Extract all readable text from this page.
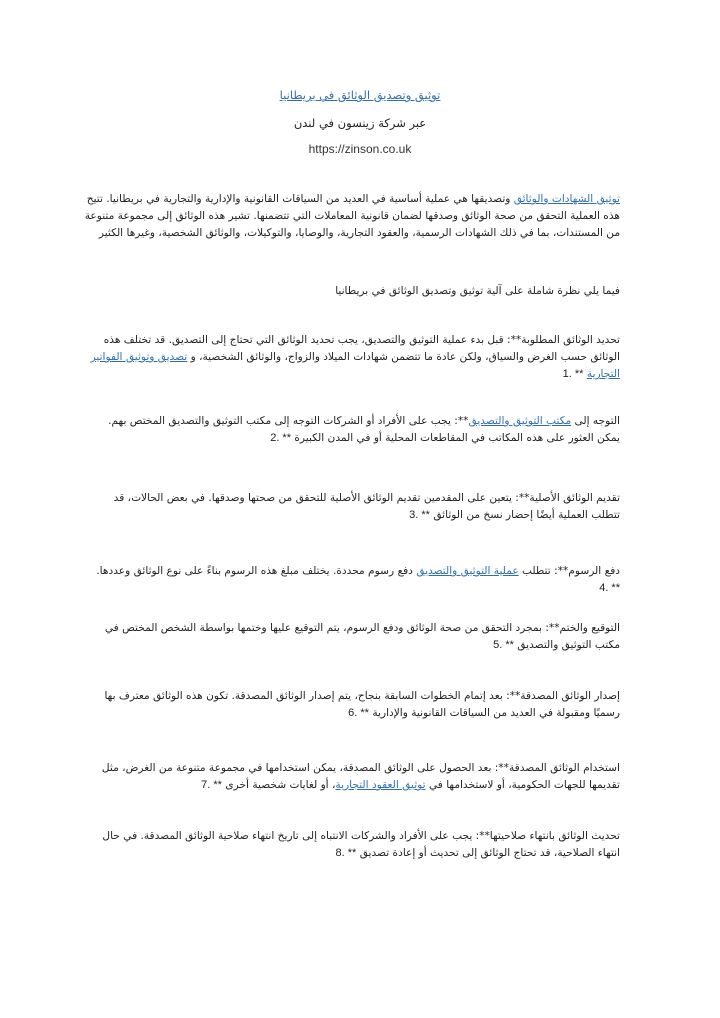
توثيق وتصديق الوثائق في بريطانيا
عبر شركة زينسون في لندن
https://zinson.co.uk
توثيق الشهادات والوثائق وتصديقها هي عملية أساسية في العديد من السياقات القانونية والإدارية والتجارية في بريطانيا. تتيح هذه العملية التحقق من صحة الوثائق وصدقها لضمان قانونية المعاملات التي تتضمنها. تشير هذه الوثائق إلى مجموعة متنوعة من المستندات، بما في ذلك الشهادات الرسمية، والعقود التجارية، والوصايا، والتوكيلات، والوثائق الشخصية، وغيرها الكثير
فيما يلي نظرة شاملة على آلية توثيق وتصديق الوثائق في بريطانيا
تحديد الوثائق المطلوبة**: قبل بدء عملية التوثيق والتصديق، يجب تحديد الوثائق التي تحتاج إلى التصديق. قد تختلف هذه الوثائق حسب الغرض والسياق، ولكن عادة ما تتضمن شهادات الميلاد والزواج، والوثائق الشخصية، و تصديق وتوثيق الفواتير التجارية 1. **
التوجه إلى مكتب التوثيق والتصديق**: يجب على الأفراد أو الشركات التوجه إلى مكتب التوثيق والتصديق المختص بهم. يمكن العثور على هذه المكاتب في المقاطعات المحلية أو في المدن الكبيرة 2. **
تقديم الوثائق الأصلية**: يتعين على المقدمين تقديم الوثائق الأصلية للتحقق من صحتها وصدقها. في بعض الحالات، قد تتطلب العملية أيضًا إحضار نسخ من الوثائق 3. **
دفع الرسوم**: تتطلب عملية التوثيق والتصديق دفع رسوم محددة. يختلف مبلغ هذه الرسوم بناءً على نوع الوثائق وعددها. 4. **
التوقيع والختم**: بمجرد التحقق من صحة الوثائق ودفع الرسوم، يتم التوقيع عليها وختمها بواسطة الشخص المختص في مكتب التوثيق والتصديق 5. **
إصدار الوثائق المصدقة**: بعد إتمام الخطوات السابقة بنجاح، يتم إصدار الوثائق المصدقة. تكون هذه الوثائق معترف بها رسميًا ومقبولة في العديد من السياقات القانونية والإدارية 6. **
استخدام الوثائق المصدقة**: بعد الحصول على الوثائق المصدقة، يمكن استخدامها في مجموعة متنوعة من الغرض، مثل تقديمها للجهات الحكومية، أو لاستخدامها في توثيق العقود التجارية، أو لغايات شخصية أخرى 7. **
تحديث الوثائق بانتهاء صلاحيتها**: يجب على الأفراد والشركات الانتباه إلى تاريخ انتهاء صلاحية الوثائق المصدقة. في حال انتهاء الصلاحية، قد تحتاج الوثائق إلى تحديث أو إعادة تصديق 8. **
